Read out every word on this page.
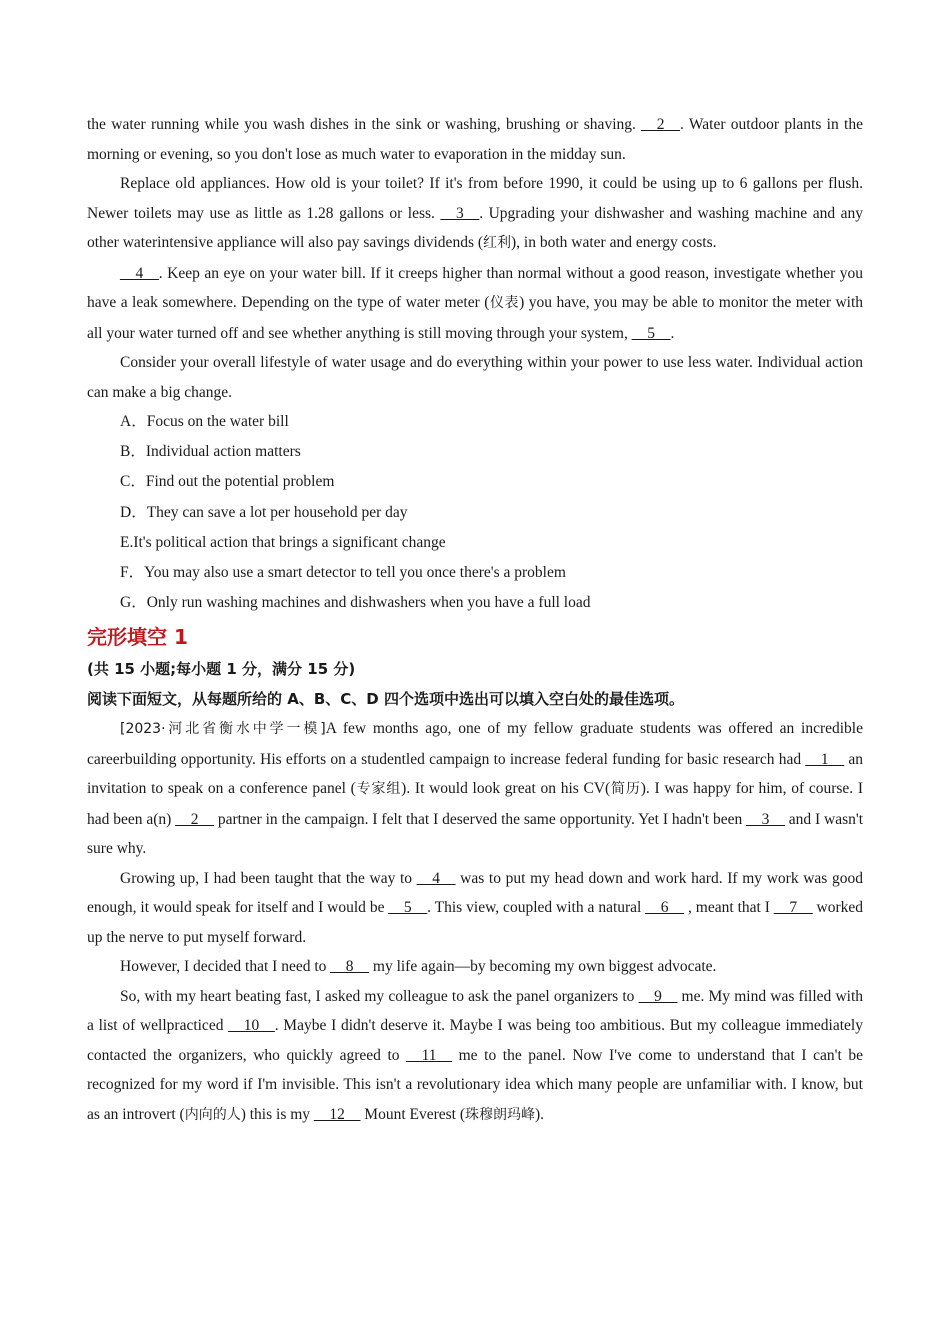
the water running while you wash dishes in the sink or washing, brushing or shaving. __2__. Water outdoor plants in the morning or evening, so you don't lose as much water to evaporation in the midday sun.

Replace old appliances. How old is your toilet? If it's from before 1990, it could be using up to 6 gallons per flush. Newer toilets may use as little as 1.28 gallons or less. __3__. Upgrading your dishwasher and washing machine and any other waterintensive appliance will also pay savings dividends (红利), in both water and energy costs.

__4__. Keep an eye on your water bill. If it creeps higher than normal without a good reason, investigate whether you have a leak somewhere. Depending on the type of water meter (仪表) you have, you may be able to monitor the meter with all your water turned off and see whether anything is still moving through your system, __5__.

Consider your overall lifestyle of water usage and do everything within your power to use less water. Individual action can make a big change.

A．Focus on the water bill

B．Individual action matters

C．Find out the potential problem

D．They can save a lot per household per day

E.It's political action that brings a significant change

F．You may also use a smart detector to tell you once there's a problem

G．Only run washing machines and dishwashers when you have a full load

完形填空 1

(共 15 小题;每小题 1 分，满分 15 分)

阅读下面短文，从每题所给的 A、B、C、D 四个选项中选出可以填入空白处的最佳选项。

[2023·河北省衡水中学一模]A few months ago, one of my fellow graduate students was offered an incredible careerbuilding opportunity. His efforts on a studentled campaign to increase federal funding for basic research had __1__ an invitation to speak on a conference panel (专家组). It would look great on his CV(简历). I was happy for him, of course. I had been a(n) __2__ partner in the campaign. I felt that I deserved the same opportunity. Yet I hadn't been __3__ and I wasn't sure why.

Growing up, I had been taught that the way to __4__ was to put my head down and work hard. If my work was good enough, it would speak for itself and I would be __5__. This view, coupled with a natural __6__ , meant that I __7__ worked up the nerve to put myself forward.

However, I decided that I need to __8__ my life again—by becoming my own biggest advocate.

So, with my heart beating fast, I asked my colleague to ask the panel organizers to __9__ me. My mind was filled with a list of wellpracticed __10__. Maybe I didn't deserve it. Maybe I was being too ambitious. But my colleague immediately contacted the organizers, who quickly agreed to __11__ me to the panel. Now I've come to understand that I can't be recognized for my word if I'm invisible. This isn't a revolutionary idea which many people are unfamiliar with. I know, but as an introvert (内向的人) this is my __12__ Mount Everest (珠穆朗玛峰).
